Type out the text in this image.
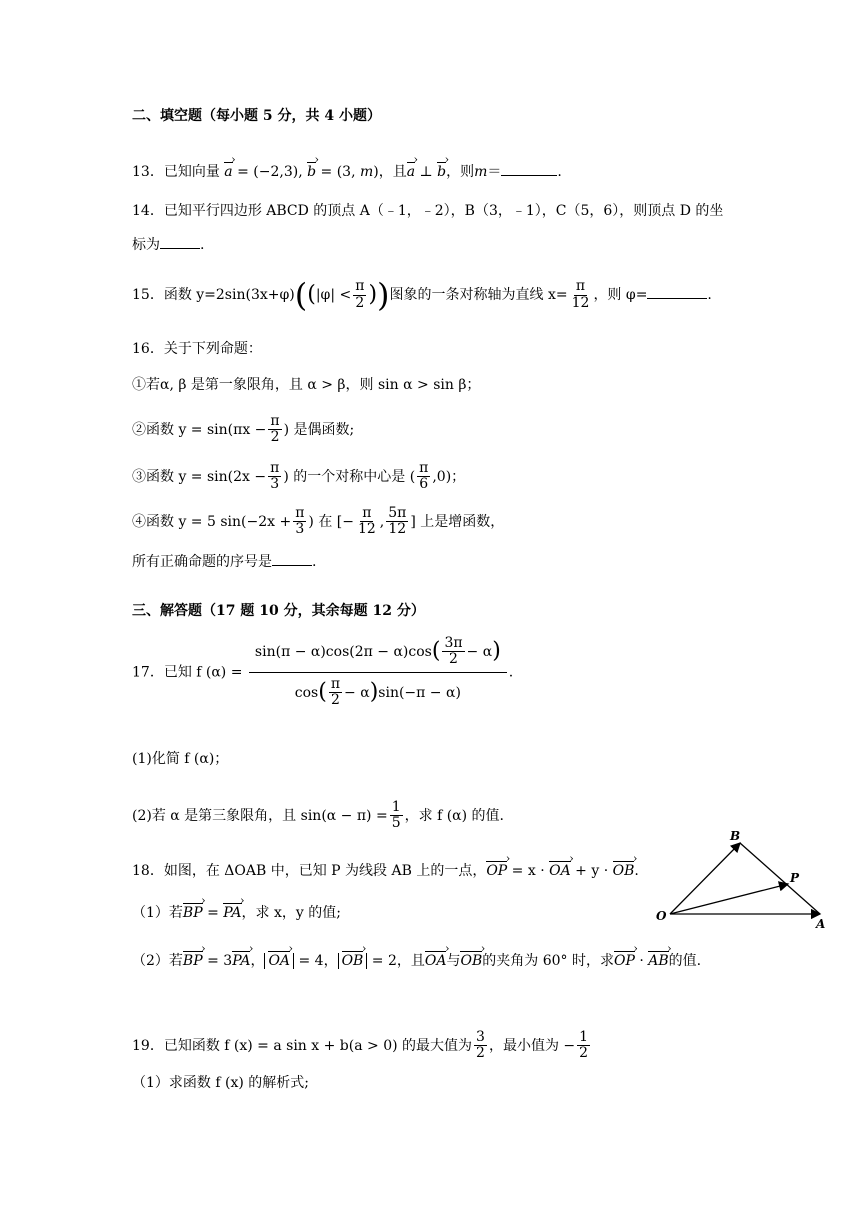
二、填空题（每小题 5 分，共 4 小题）
13．已知向量 a › = (−2,3), b › = (3, m)，且a › ⊥ b ›，则m＝	.
14．已知平行四边形 ABCD 的顶点 A（﹣1，﹣2），B（3，﹣1），C（5，6），则顶点 D 的坐
标为	.
15．函数 $y=2\sin(3x+\varphi)((|\varphi| < \frac{\pi}{2}$ ))图象的一条对称轴为直线 $x= \frac{\pi}{12}$ ，则 φ=	.
16．关于下列命题：
①若α, β 是第一象限角，且 α > β，则 sin α > sin β；
②函数 $y = \sin(\pi x - \frac{\pi}{2}$ ) 是偶函数;
③函数 $y = \sin(2x - \frac{\pi}{3}$ ) 的一个对称中心是 ( $\frac{\pi}{6} ,0$)；
④函数 y = 5 $\sin(-2x + \frac{\pi}{3}$ ) 在 [− $\frac{\pi}{12}$ , $\frac{5\pi}{12}$ ] 上是增函数，
所有正确命题的序号是	.
三、解答题（17 题 10 分，其余每题 12 分）
17．已知 f $(\alpha) = \frac{\sin(\pi - \alpha)\cos(2\pi - \alpha)\cos( \frac{3\pi}{2} - \alpha)}{\cos( \frac{\pi}{2} - \alpha)\sin(-\pi - \alpha)}$ .
(1)化简 f (α)；
(2)若 α 是第三象限角，且 $\sin(\alpha - \pi) = \frac{1}{5}$ ，求 f (α) 的值.
18．如图，在 ΔOAB 中，已知 P 为线段 AB 上的一点，OP › = x · OA › + y · OB ›.
（1）若BP › = PA ›，求 x，y 的值;
（2）若BP › = 3PA ›， OA › = 4， OB › = 2，且OA ›与OB ›的夹角为 60° 时，求OP › · AB ›的值.
O
B
P
A
19．已知函数 f (x) = a sin x + b(a > 0) 的最大值为 $\frac{3}{2}$ ，最小值为 − $\frac{1}{2}$
（1）求函数 f (x) 的解析式;
